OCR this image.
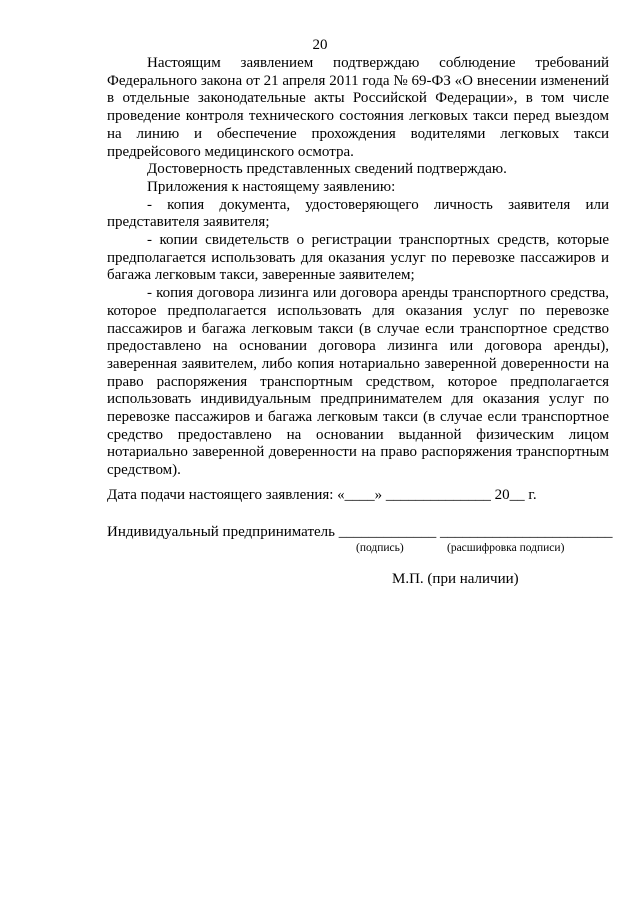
20

Настоящим заявлением подтверждаю соблюдение требований Федерального закона от 21 апреля 2011 года № 69-ФЗ «О внесении изменений в отдельные законодательные акты Российской Федерации», в том числе проведение контроля технического состояния легковых такси перед выездом на линию и обеспечение прохождения водителями легковых такси предрейсового медицинского осмотра.

Достоверность представленных сведений подтверждаю.

Приложения к настоящему заявлению:

- копия документа, удостоверяющего личность заявителя или представителя заявителя;

- копии свидетельств о регистрации транспортных средств, которые предполагается использовать для оказания услуг по перевозке пассажиров и багажа легковым такси, заверенные заявителем;

- копия договора лизинга или договора аренды транспортного средства, которое предполагается использовать для оказания услуг по перевозке пассажиров и багажа легковым такси (в случае если транспортное средство предоставлено на основании договора лизинга или договора аренды), заверенная заявителем, либо копия нотариально заверенной доверенности на право распоряжения транспортным средством, которое предполагается использовать индивидуальным предпринимателем для оказания услуг по перевозке пассажиров и багажа легковым такси (в случае если транспортное средство предоставлено на основании выданной физическим лицом нотариально заверенной доверенности на право распоряжения транспортным средством).

Дата подачи настоящего заявления: «____» ______________ 20__ г.
Индивидуальный предприниматель _____________ _______________________
(подпись)	(расшифровка подписи)
М.П. (при наличии)
